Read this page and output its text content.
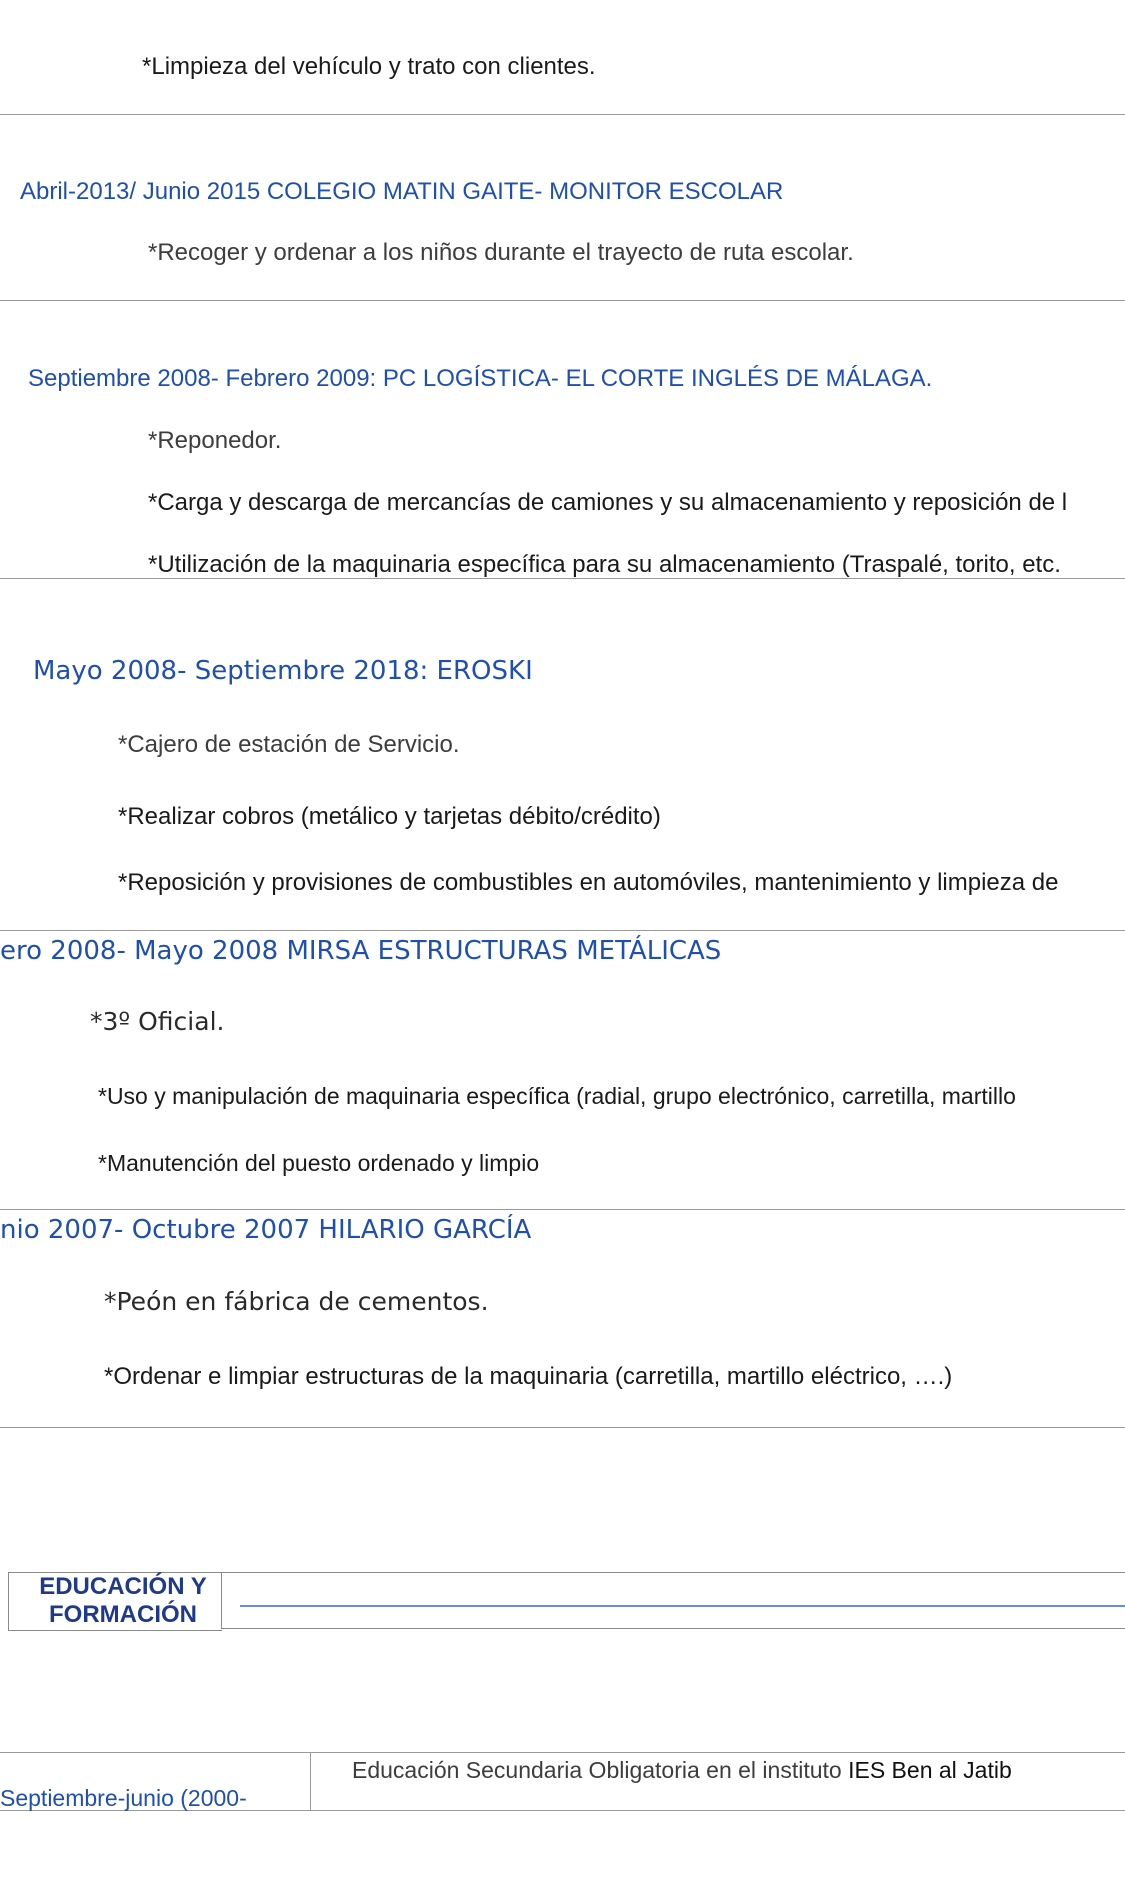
*Limpieza del vehículo y trato con clientes.
Abril-2013/ Junio 2015 COLEGIO MATIN GAITE- MONITOR ESCOLAR
*Recoger y ordenar a los niños durante el trayecto de ruta escolar.
Septiembre 2008- Febrero 2009: PC LOGÍSTICA- EL CORTE INGLÉS DE MÁLAGA.
*Reponedor.
*Carga y descarga de mercancías de camiones y su almacenamiento y reposición de l
*Utilización de la maquinaria específica para su almacenamiento (Traspalé, torito, etc.
Mayo 2008- Septiembre 2018: EROSKI
*Cajero de estación de Servicio.
*Realizar cobros (metálico y tarjetas débito/crédito)
*Reposición y provisiones de combustibles en automóviles, mantenimiento y limpieza de
ero 2008- Mayo 2008 MIRSA ESTRUCTURAS METÁLICAS
*3º Oficial.
*Uso y manipulación de maquinaria específica (radial, grupo electrónico, carretilla, martillo
*Manutención del puesto ordenado y limpio
nio 2007- Octubre 2007 HILARIO GARCÍA
*Peón en fábrica de cementos.
*Ordenar e limpiar estructuras de la maquinaria (carretilla, martillo eléctrico, ….)
EDUCACIÓN Y
FORMACIÓN
Septiembre-junio (2000-
Educación Secundaria Obligatoria en el instituto IES Ben al Jatib
